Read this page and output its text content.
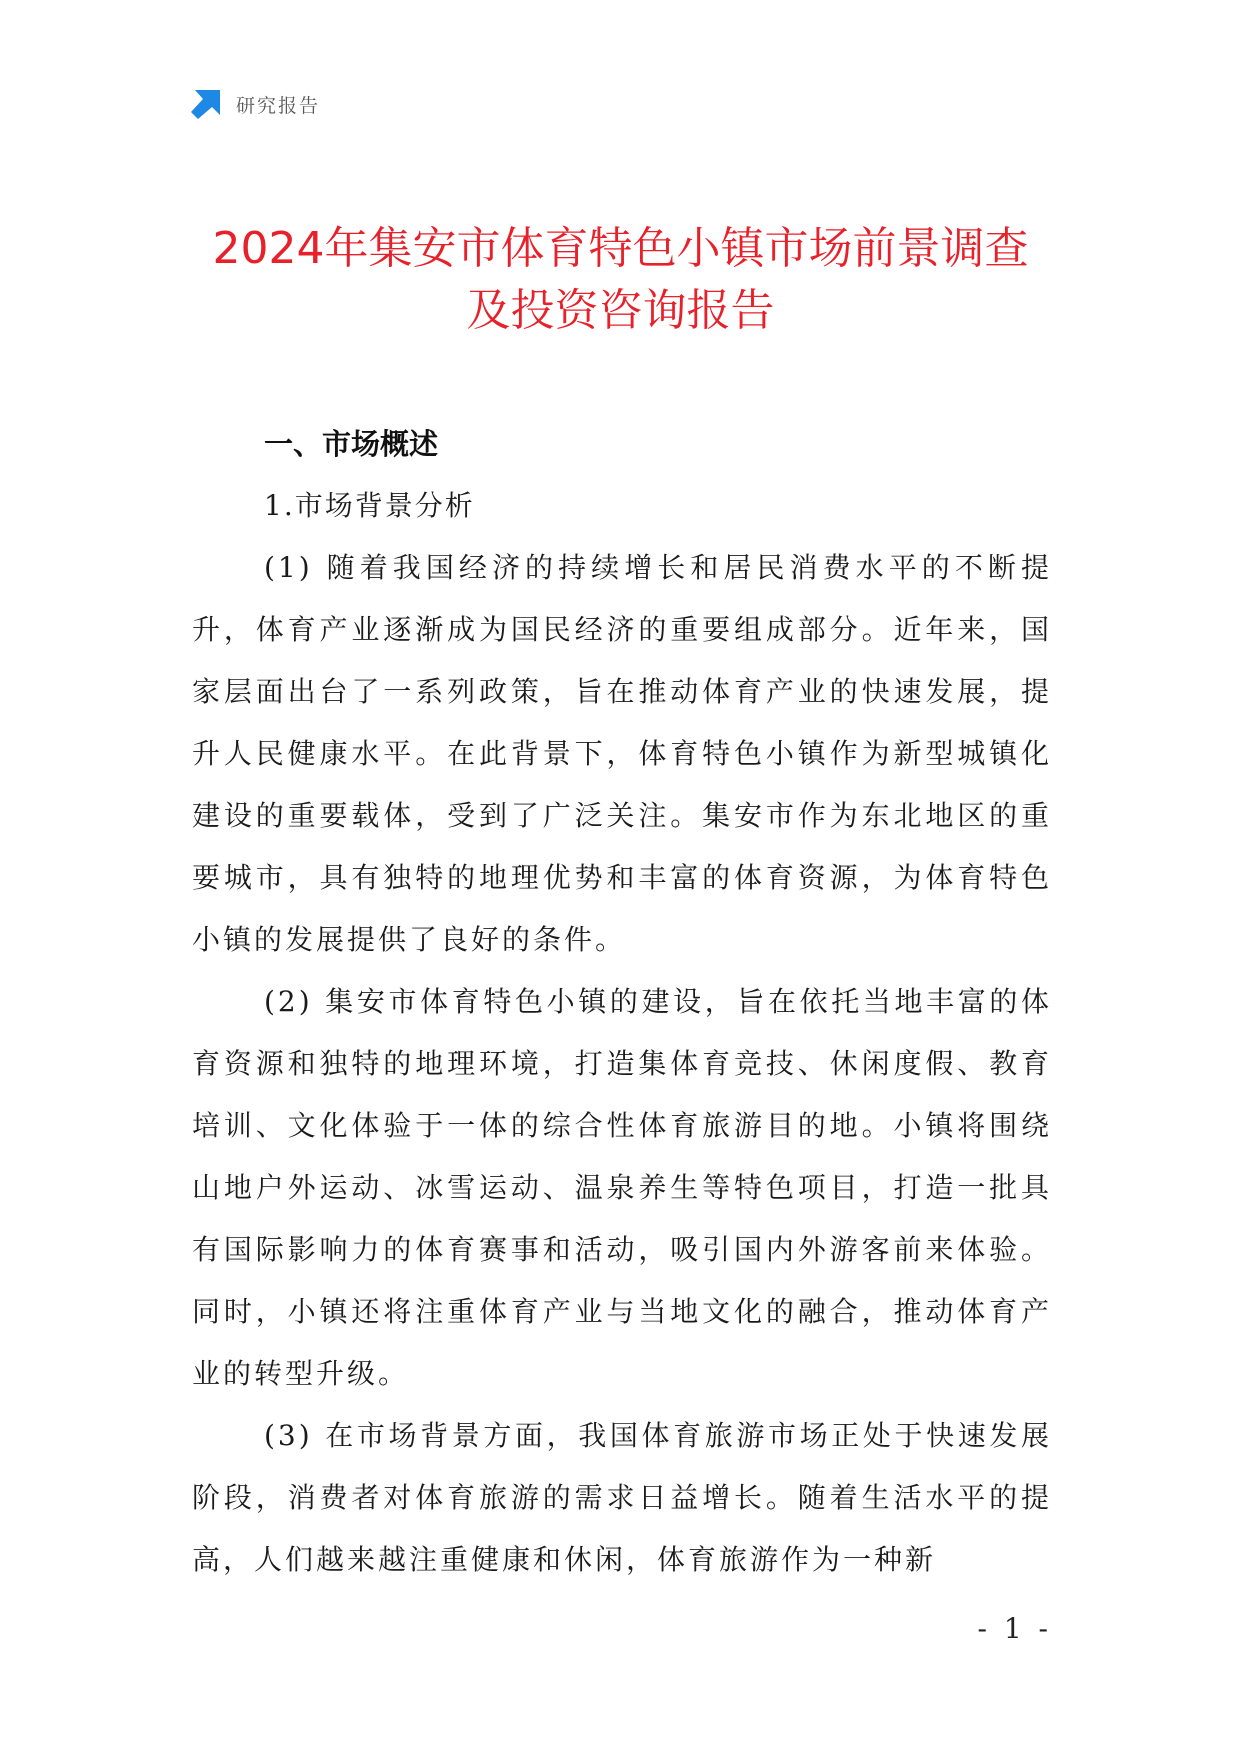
研究报告
2024年集安市体育特色小镇市场前景调查
及投资咨询报告
一、市场概述

1.市场背景分析

(1) 随着我国经济的持续增长和居民消费水平的不断提升，体育产业逐渐成为国民经济的重要组成部分。近年来，国家层面出台了一系列政策，旨在推动体育产业的快速发展，提升人民健康水平。在此背景下，体育特色小镇作为新型城镇化建设的重要载体，受到了广泛关注。集安市作为东北地区的重要城市，具有独特的地理优势和丰富的体育资源，为体育特色小镇的发展提供了良好的条件。

(2) 集安市体育特色小镇的建设，旨在依托当地丰富的体育资源和独特的地理环境，打造集体育竞技、休闲度假、教育培训、文化体验于一体的综合性体育旅游目的地。小镇将围绕山地户外运动、冰雪运动、温泉养生等特色项目，打造一批具有国际影响力的体育赛事和活动，吸引国内外游客前来体验。同时，小镇还将注重体育产业与当地文化的融合，推动体育产业的转型升级。

(3) 在市场背景方面，我国体育旅游市场正处于快速发展阶段，消费者对体育旅游的需求日益增长。随着生活水平的提高，人们越来越注重健康和休闲，体育旅游作为一种新

- 1 -
